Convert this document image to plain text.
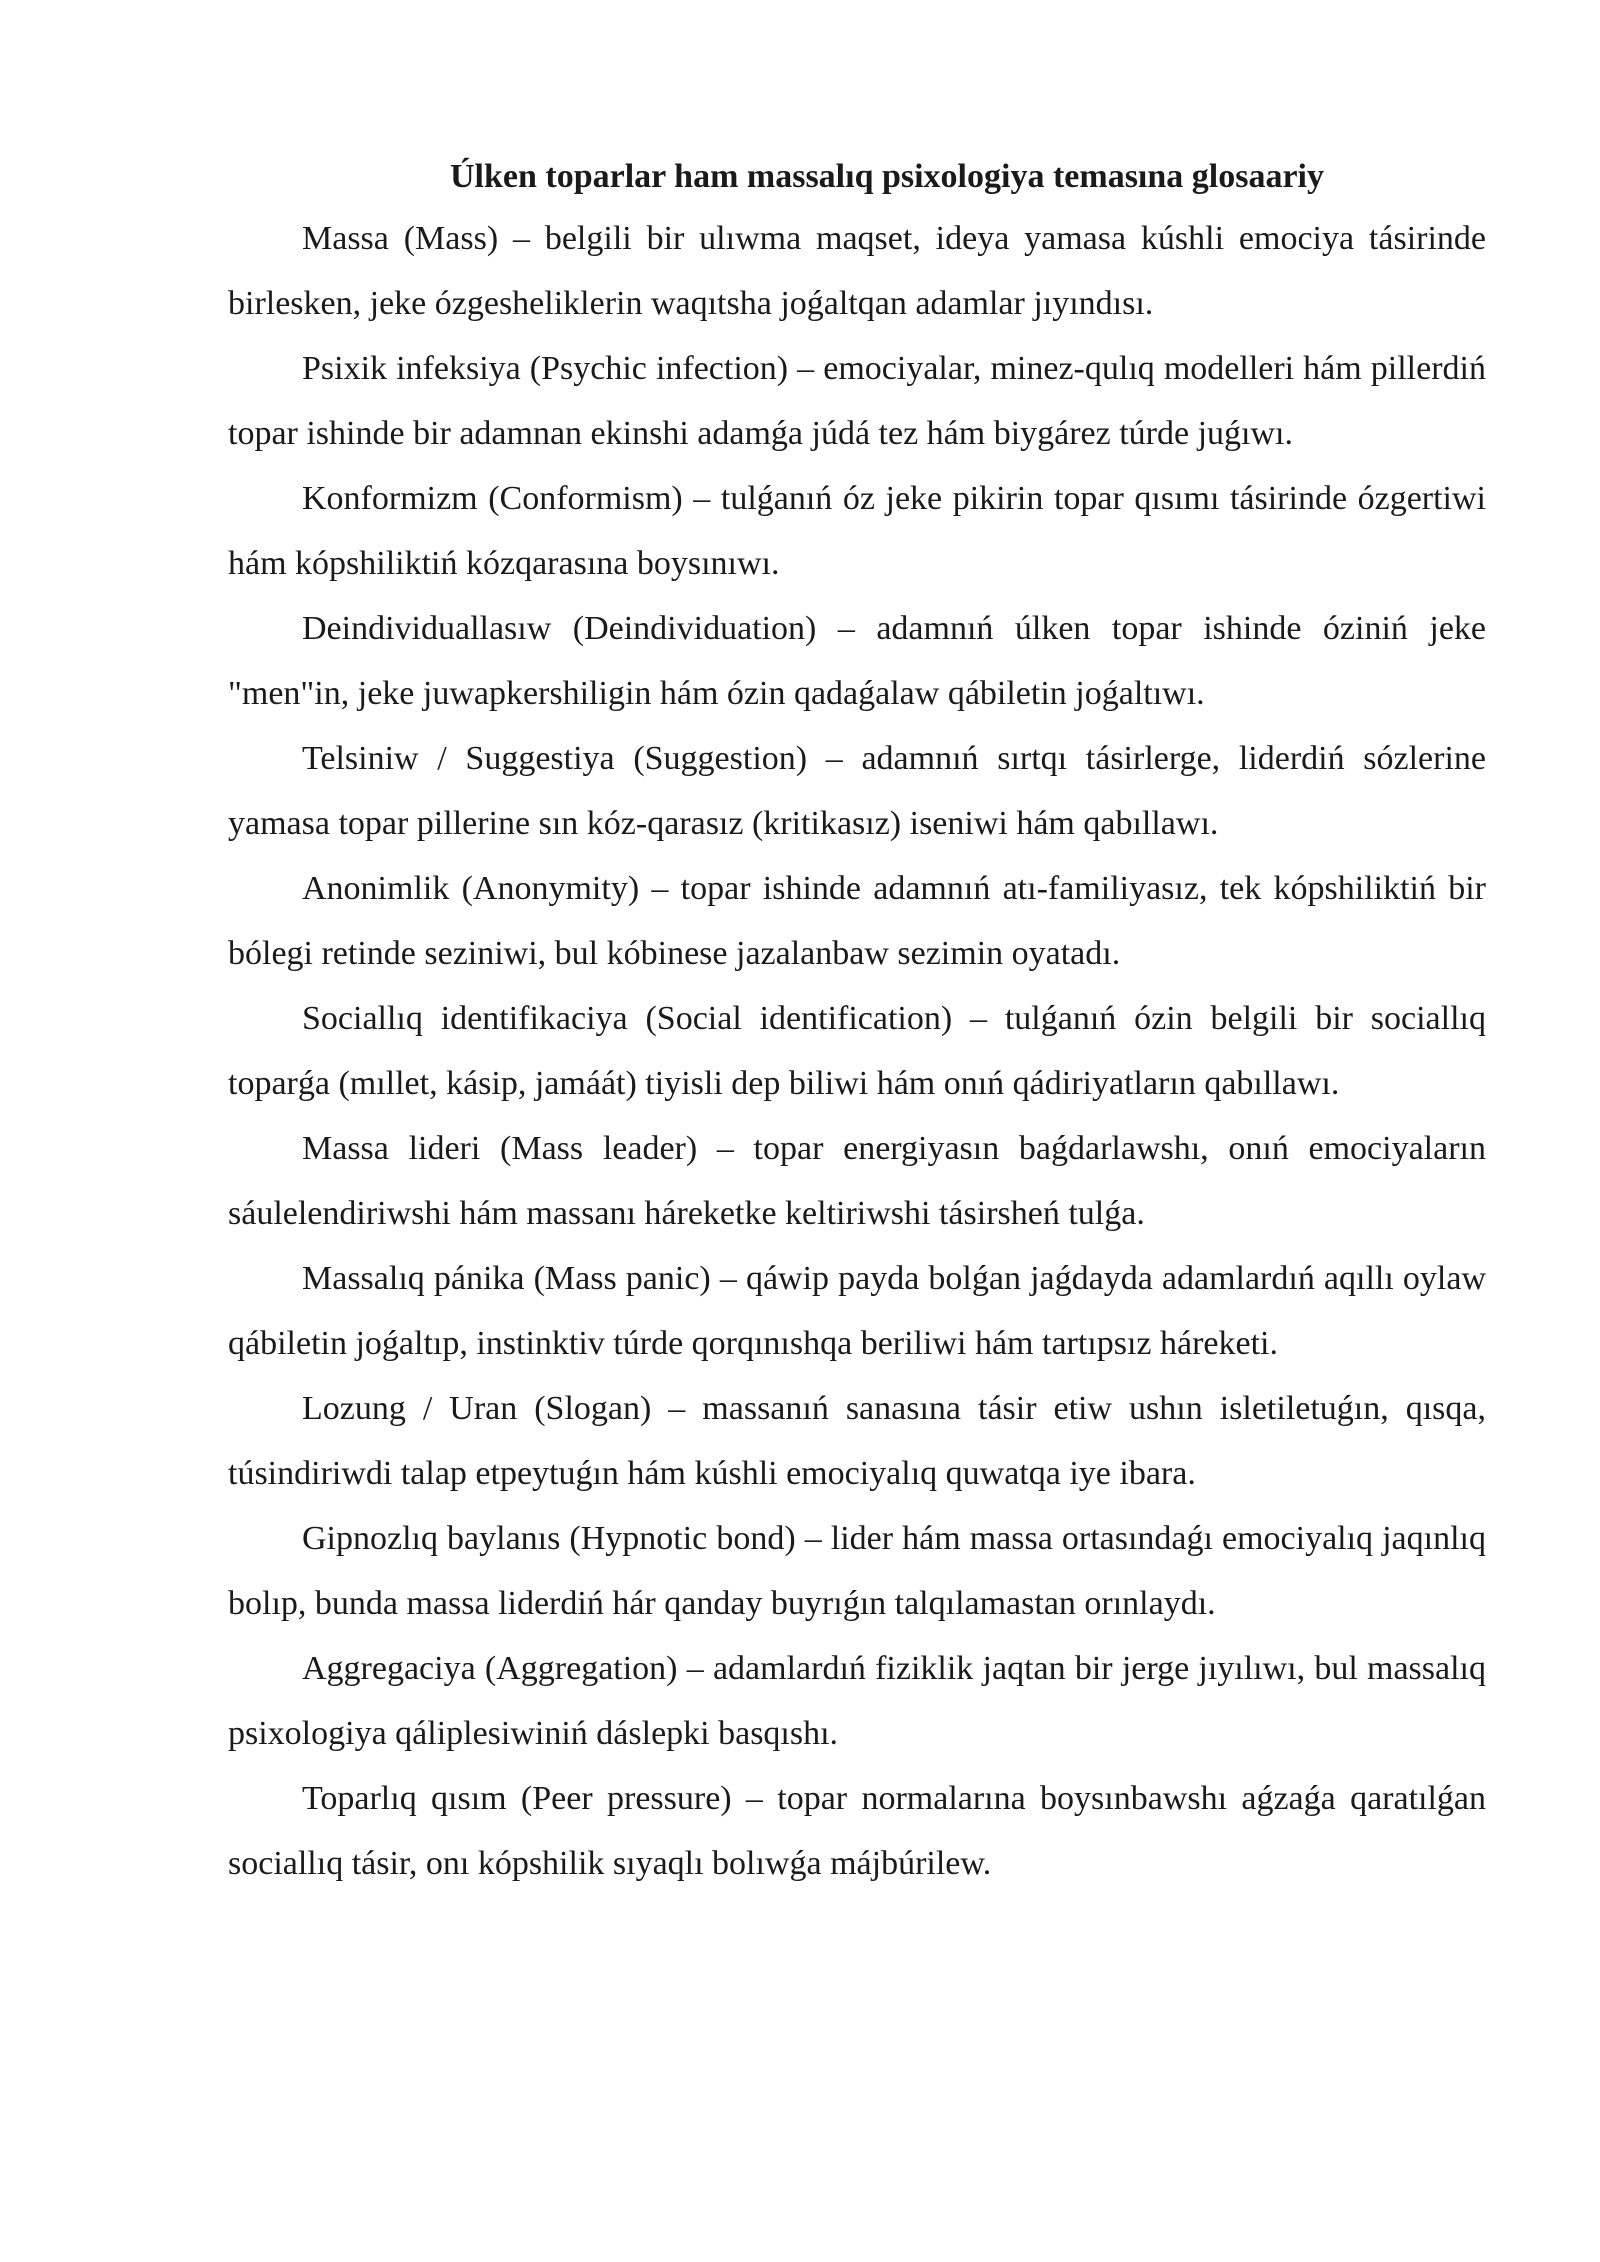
Úlken toparlar ham massalıq psixologiya temasına glosaariy

Massa (Mass) – belgili bir ulıwma maqset, ideya yamasa kúshli emociya tásirinde birlesken, jeke ózgesheliklerin waqıtsha joǵaltqan adamlar jıyındısı.

Psixik infeksiya (Psychic infection) – emociyalar, minez-qulıq modelleri hám pillerdiń topar ishinde bir adamnan ekinshi adamǵa júdá tez hám biygárez túrde juǵıwı.

Konformizm (Conformism) – tulǵanıń óz jeke pikirin topar qısımı tásirinde ózgertiwi hám kópshiliktiń kózqarasına boysınıwı.

Deindividuallasıw (Deindividuation) – adamnıń úlken topar ishinde óziniń jeke "men"in, jeke juwapkershiligin hám ózin qadaǵalaw qábiletin joǵaltıwı.

Telsiniw / Suggestiya (Suggestion) – adamnıń sırtqı tásirlerge, liderdiń sózlerine yamasa topar pillerine sın kóz-qarasız (kritikasız) iseniwi hám qabıllawı.

Anonimlik (Anonymity) – topar ishinde adamnıń atı-familiyasız, tek kópshiliktiń bir bólegi retinde seziniwi, bul kóbinese jazalanbaw sezimin oyatadı.

Sociallıq identifikaciya (Social identification) – tulǵanıń ózin belgili bir sociallıq toparǵa (mıllet, kásip, jamáát) tiyisli dep biliwi hám onıń qádiriyatların qabıllawı.

Massa lideri (Mass leader) – topar energiyasın baǵdarlawshı, onıń emociyaların sáulelendiriwshi hám massanı háreketke keltiriwshi tásirsheń tulǵa.

Massalıq pánika (Mass panic) – qáwip payda bolǵan jaǵdayda adamlardıń aqıllı oylaw qábiletin joǵaltıp, instinktiv túrde qorqınıshqa beriliwi hám tartıpsız háreketi.

Lozung / Uran (Slogan) – massanıń sanasına tásir etiw ushın isletiletuǵın, qısqa, túsindiriwdi talap etpeytuǵın hám kúshli emociyalıq quwatqa iye ibara.

Gipnozlıq baylanıs (Hypnotic bond) – lider hám massa ortasındaǵı emociyalıq jaqınlıq bolıp, bunda massa liderdiń hár qanday buyrıǵın talqılamastan orınlaydı.

Aggregaciya (Aggregation) – adamlardıń fiziklik jaqtan bir jerge jıyılıwı, bul massalıq psixologiya qáliplesiwiniń dáslepki basqıshı.

Toparlıq qısım (Peer pressure) – topar normalarına boysınbawshı aǵzaǵa qaratılǵan sociallıq tásir, onı kópshilik sıyaqlı bolıwǵa májbúrilew.
